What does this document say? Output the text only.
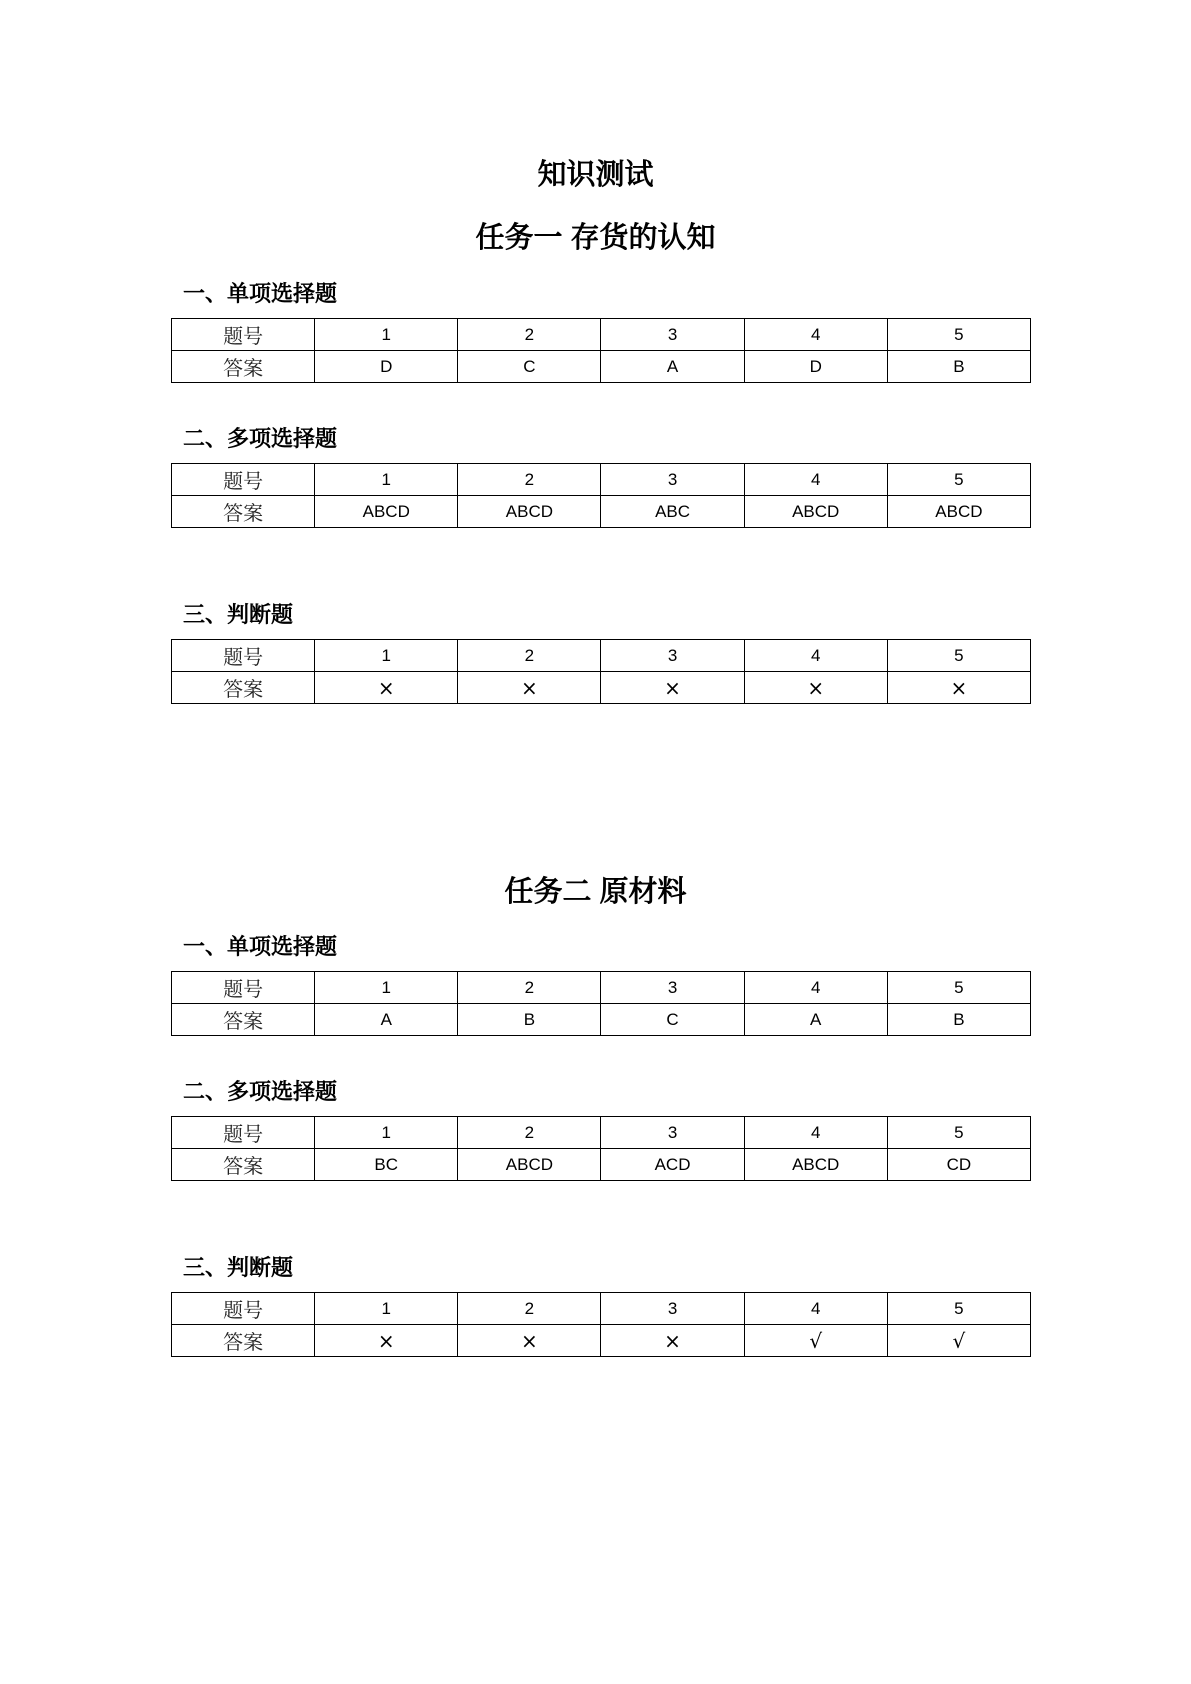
知识测试
任务一 存货的认知
一、单项选择题
题号	1	2	3	4	5
答案	D	C	A	D	B
二、多项选择题
题号	1	2	3	4	5
答案	ABCD	ABCD	ABC	ABCD	ABCD
三、判断题
题号	1	2	3	4	5
答案	×	×	×	×	×
任务二 原材料
一、单项选择题
题号	1	2	3	4	5
答案	A	B	C	A	B
二、多项选择题
题号	1	2	3	4	5
答案	BC	ABCD	ACD	ABCD	CD
三、判断题
题号	1	2	3	4	5
答案	×	×	×	√	√
